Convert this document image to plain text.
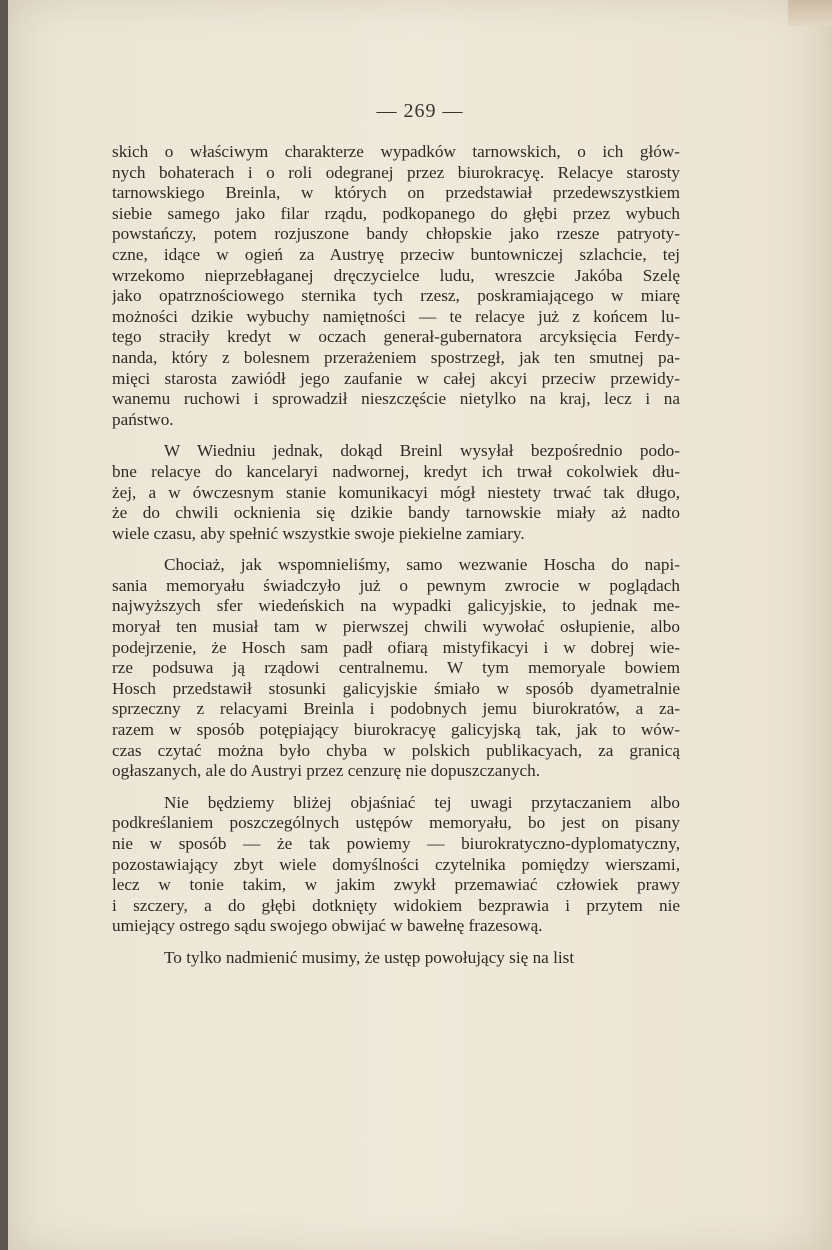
— 269 —
skich o właściwym charakterze wypadków tarnowskich, o ich głów-
nych bohaterach i o roli odegranej przez biurokracyę. Relacye starosty
tarnowskiego Breinla, w których on przedstawiał przedewszystkiem
siebie samego jako filar rządu, podkopanego do głębi przez wybuch
powstańczy, potem rozjuszone bandy chłopskie jako rzesze patryoty-
czne, idące w ogień za Austryę przeciw buntowniczej szlachcie, tej
wrzekomo nieprzebłaganej dręczycielce ludu, wreszcie Jakóba Szelę
jako opatrznościowego sternika tych rzesz, poskramiającego w miarę
możności dzikie wybuchy namiętności — te relacye już z końcem lu-
tego straciły kredyt w oczach generał-gubernatora arcyksięcia Ferdy-
nanda, który z bolesnem przerażeniem spostrzegł, jak ten smutnej pa-
mięci starosta zawiódł jego zaufanie w całej akcyi przeciw przewidy-
wanemu ruchowi i sprowadził nieszczęście nietylko na kraj, lecz i na
państwo.
W Wiedniu jednak, dokąd Breinl wysyłał bezpośrednio podo-
bne relacye do kancelaryi nadwornej, kredyt ich trwał cokolwiek dłu-
żej, a w ówczesnym stanie komunikacyi mógł niestety trwać tak długo,
że do chwili ocknienia się dzikie bandy tarnowskie miały aż nadto
wiele czasu, aby spełnić wszystkie swoje piekielne zamiary.
Chociaż, jak wspomnieliśmy, samo wezwanie Hoscha do napi-
sania memoryału świadczyło już o pewnym zwrocie w poglądach
najwyższych sfer wiedeńskich na wypadki galicyjskie, to jednak me-
moryał ten musiał tam w pierwszej chwili wywołać osłupienie, albo
podejrzenie, że Hosch sam padł ofiarą mistyfikacyi i w dobrej wie-
rze podsuwa ją rządowi centralnemu. W tym memoryale bowiem
Hosch przedstawił stosunki galicyjskie śmiało w sposób dyametralnie
sprzeczny z relacyami Breinla i podobnych jemu biurokratów, a za-
razem w sposób potępiający biurokracyę galicyjską tak, jak to wów-
czas czytać można było chyba w polskich publikacyach, za granicą
ogłaszanych, ale do Austryi przez cenzurę nie dopuszczanych.
Nie będziemy bliżej objaśniać tej uwagi przytaczaniem albo
podkreślaniem poszczególnych ustępów memoryału, bo jest on pisany
nie w sposób — że tak powiemy — biurokratyczno-dyplomatyczny,
pozostawiający zbyt wiele domyślności czytelnika pomiędzy wierszami,
lecz w tonie takim, w jakim zwykł przemawiać człowiek prawy
i szczery, a do głębi dotknięty widokiem bezprawia i przytem nie
umiejący ostrego sądu swojego obwijać w bawełnę frazesową.
To tylko nadmienić musimy, że ustęp powołujący się na list
